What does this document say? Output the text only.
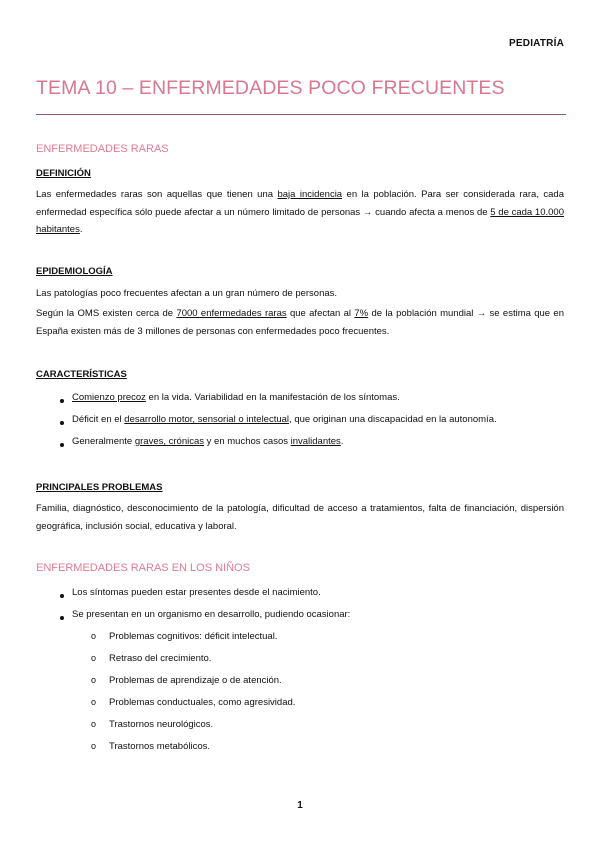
PEDIATRÍA
TEMA 10 – ENFERMEDADES POCO FRECUENTES
ENFERMEDADES RARAS
DEFINICIÓN
Las enfermedades raras son aquellas que tienen una baja incidencia en la población. Para ser considerada rara, cada enfermedad específica sólo puede afectar a un número limitado de personas → cuando afecta a menos de 5 de cada 10.000 habitantes.
EPIDEMIOLOGÍA
Las patologías poco frecuentes afectan a un gran número de personas.
Según la OMS existen cerca de 7000 enfermedades raras que afectan al 7% de la población mundial → se estima que en España existen más de 3 millones de personas con enfermedades poco frecuentes.
CARACTERÍSTICAS
Comienzo precoz en la vida. Variabilidad en la manifestación de los síntomas.
Déficit en el desarrollo motor, sensorial o intelectual, que originan una discapacidad en la autonomía.
Generalmente graves, crónicas y en muchos casos invalidantes.
PRINCIPALES PROBLEMAS
Familia, diagnóstico, desconocimiento de la patología, dificultad de acceso a tratamientos, falta de financiación, dispersión geográfica, inclusión social, educativa y laboral.
ENFERMEDADES RARAS EN LOS NIÑOS
Los síntomas pueden estar presentes desde el nacimiento.
Se presentan en un organismo en desarrollo, pudiendo ocasionar:
o Problemas cognitivos: déficit intelectual.
o Retraso del crecimiento.
o Problemas de aprendizaje o de atención.
o Problemas conductuales, como agresividad.
o Trastornos neurológicos.
o Trastornos metabólicos.
1
